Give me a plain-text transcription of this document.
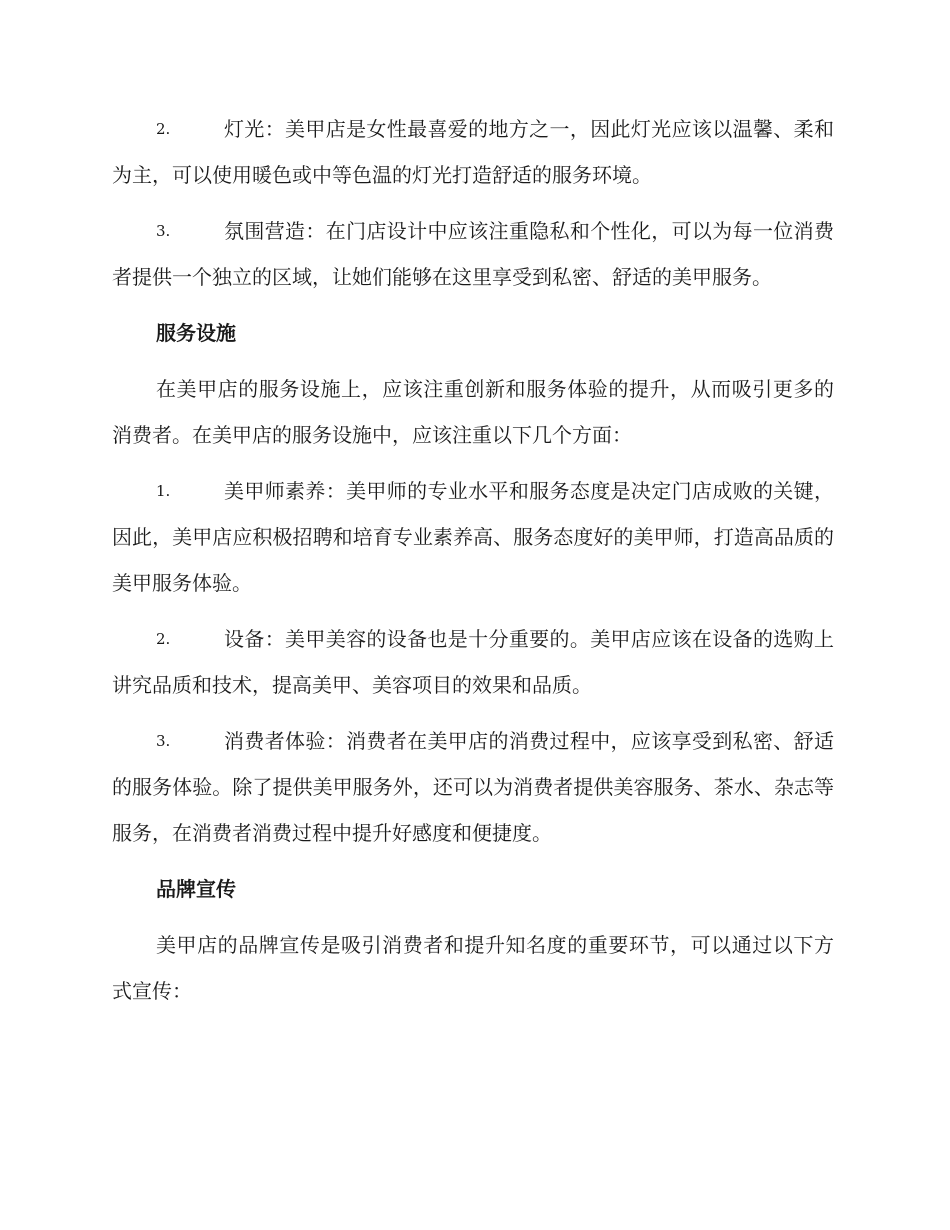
2.	灯光：美甲店是女性最喜爱的地方之一，因此灯光应该以温馨、柔和为主，可以使用暖色或中等色温的灯光打造舒适的服务环境。
3.	氛围营造：在门店设计中应该注重隐私和个性化，可以为每一位消费者提供一个独立的区域，让她们能够在这里享受到私密、舒适的美甲服务。
服务设施

在美甲店的服务设施上，应该注重创新和服务体验的提升，从而吸引更多的消费者。在美甲店的服务设施中，应该注重以下几个方面：

1.	美甲师素养：美甲师的专业水平和服务态度是决定门店成败的关键，因此，美甲店应积极招聘和培育专业素养高、服务态度好的美甲师，打造高品质的美甲服务体验。
2.	设备：美甲美容的设备也是十分重要的。美甲店应该在设备的选购上讲究品质和技术，提高美甲、美容项目的效果和品质。
3.	消费者体验：消费者在美甲店的消费过程中，应该享受到私密、舒适的服务体验。除了提供美甲服务外，还可以为消费者提供美容服务、茶水、杂志等服务，在消费者消费过程中提升好感度和便捷度。
品牌宣传

美甲店的品牌宣传是吸引消费者和提升知名度的重要环节，可以通过以下方式宣传：
